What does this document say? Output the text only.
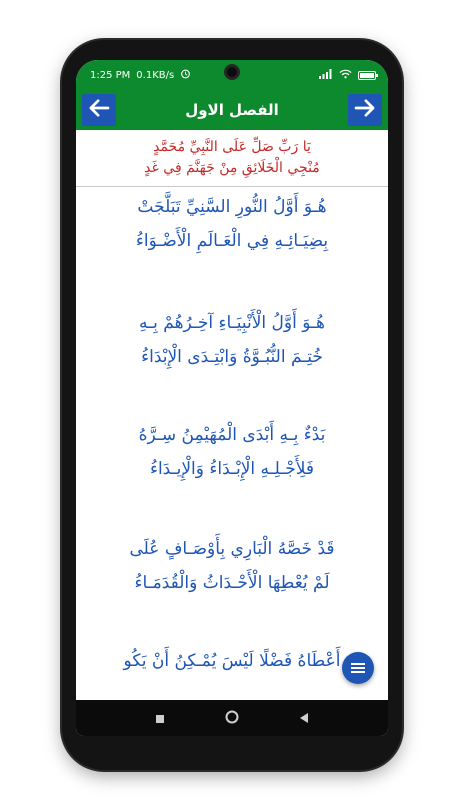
1:25 PM 0.1KB/s
الفصل الاول
يَا رَبِّ صَلِّ عَلَى النَّبِيِّ مُحَمَّدٍ
مُنْجِي الْخَلَائِقِ مِنْ جَهَنَّمَ فِي غَدٍ
هُـوَ أَوَّلُ النُّورِ السَّنِيِّ تَبَلَّجَتْ
بِضِيَـائِـهِ فِي الْعَـالَمِ الْأَضْـوَاءُ
هُـوَ أَوَّلُ الْأَنْبِيَـاءِ آخِـرُهُمْ بِـهِ
خُتِـمَ النُّبُـوَّةُ وَابْتِـدَى الْإِبْدَاءُ
بَدْءٌ بِـهِ أَبْدَى الْمُهَيْمِنُ سِـرَّهُ
فَلِأَجْـلِـهِ الْإِبْـدَاءُ وَالْإِيـدَاءُ
قَدْ خَصَّهُ الْبَارِي بِأَوْصَـافٍ عُلَى
لَمْ يُعْطِهَا الْأَحْـدَاثُ وَالْقُدَمَـاءُ
أَعْطَاهُ فَضْلًا لَيْسَ يُمْـكِنُ أَنْ يَكُو
